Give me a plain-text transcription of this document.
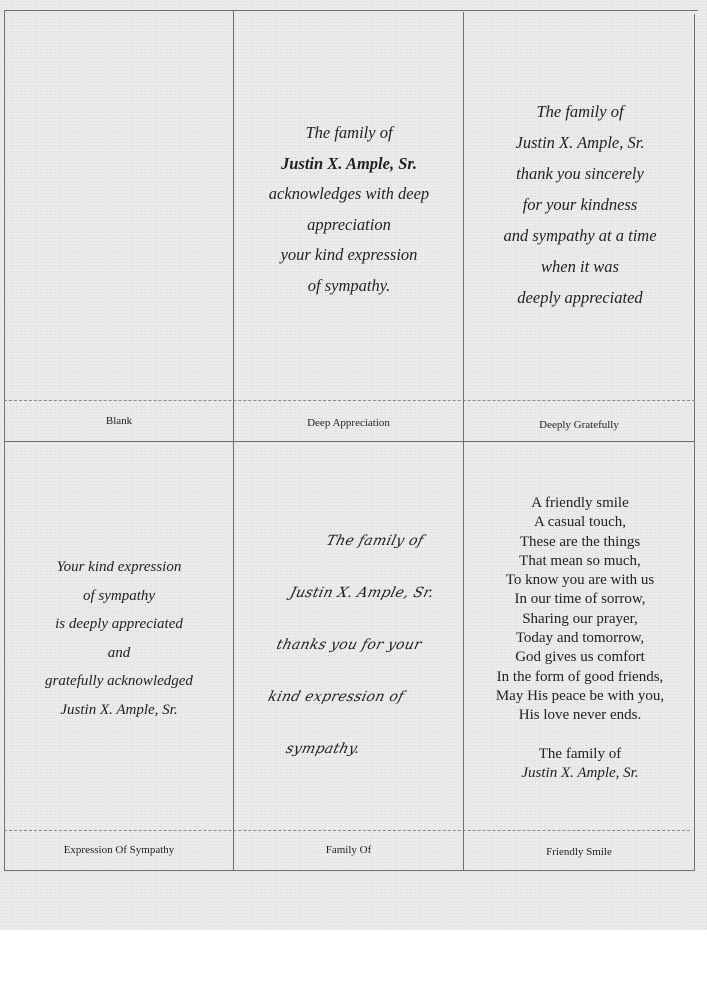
The family of
Justin X. Ample, Sr.
acknowledges with deep
appreciation
your kind expression
of sympathy.
The family of
Justin X. Ample, Sr.
thank you sincerely
for your kindness
and sympathy at a time
when it was
deeply appreciated
Your kind expression
of sympathy
is deeply appreciated
and
gratefully acknowledged
Justin X. Ample, Sr.
The family of
Justin X. Ample, Sr.
thanks you for your
kind expression of
sympathy.
A friendly smile
A casual touch,
These are the things
That mean so much,
To know you are with us
In our time of sorrow,
Sharing our prayer,
Today and tomorrow,
God gives us comfort
In the form of good friends,
May His peace be with you,
His love never ends.

The family of
Justin X. Ample, Sr.
Blank	Deep Appreciation	Deeply Gratefully
Expression Of Sympathy	Family Of	Friendly Smile
